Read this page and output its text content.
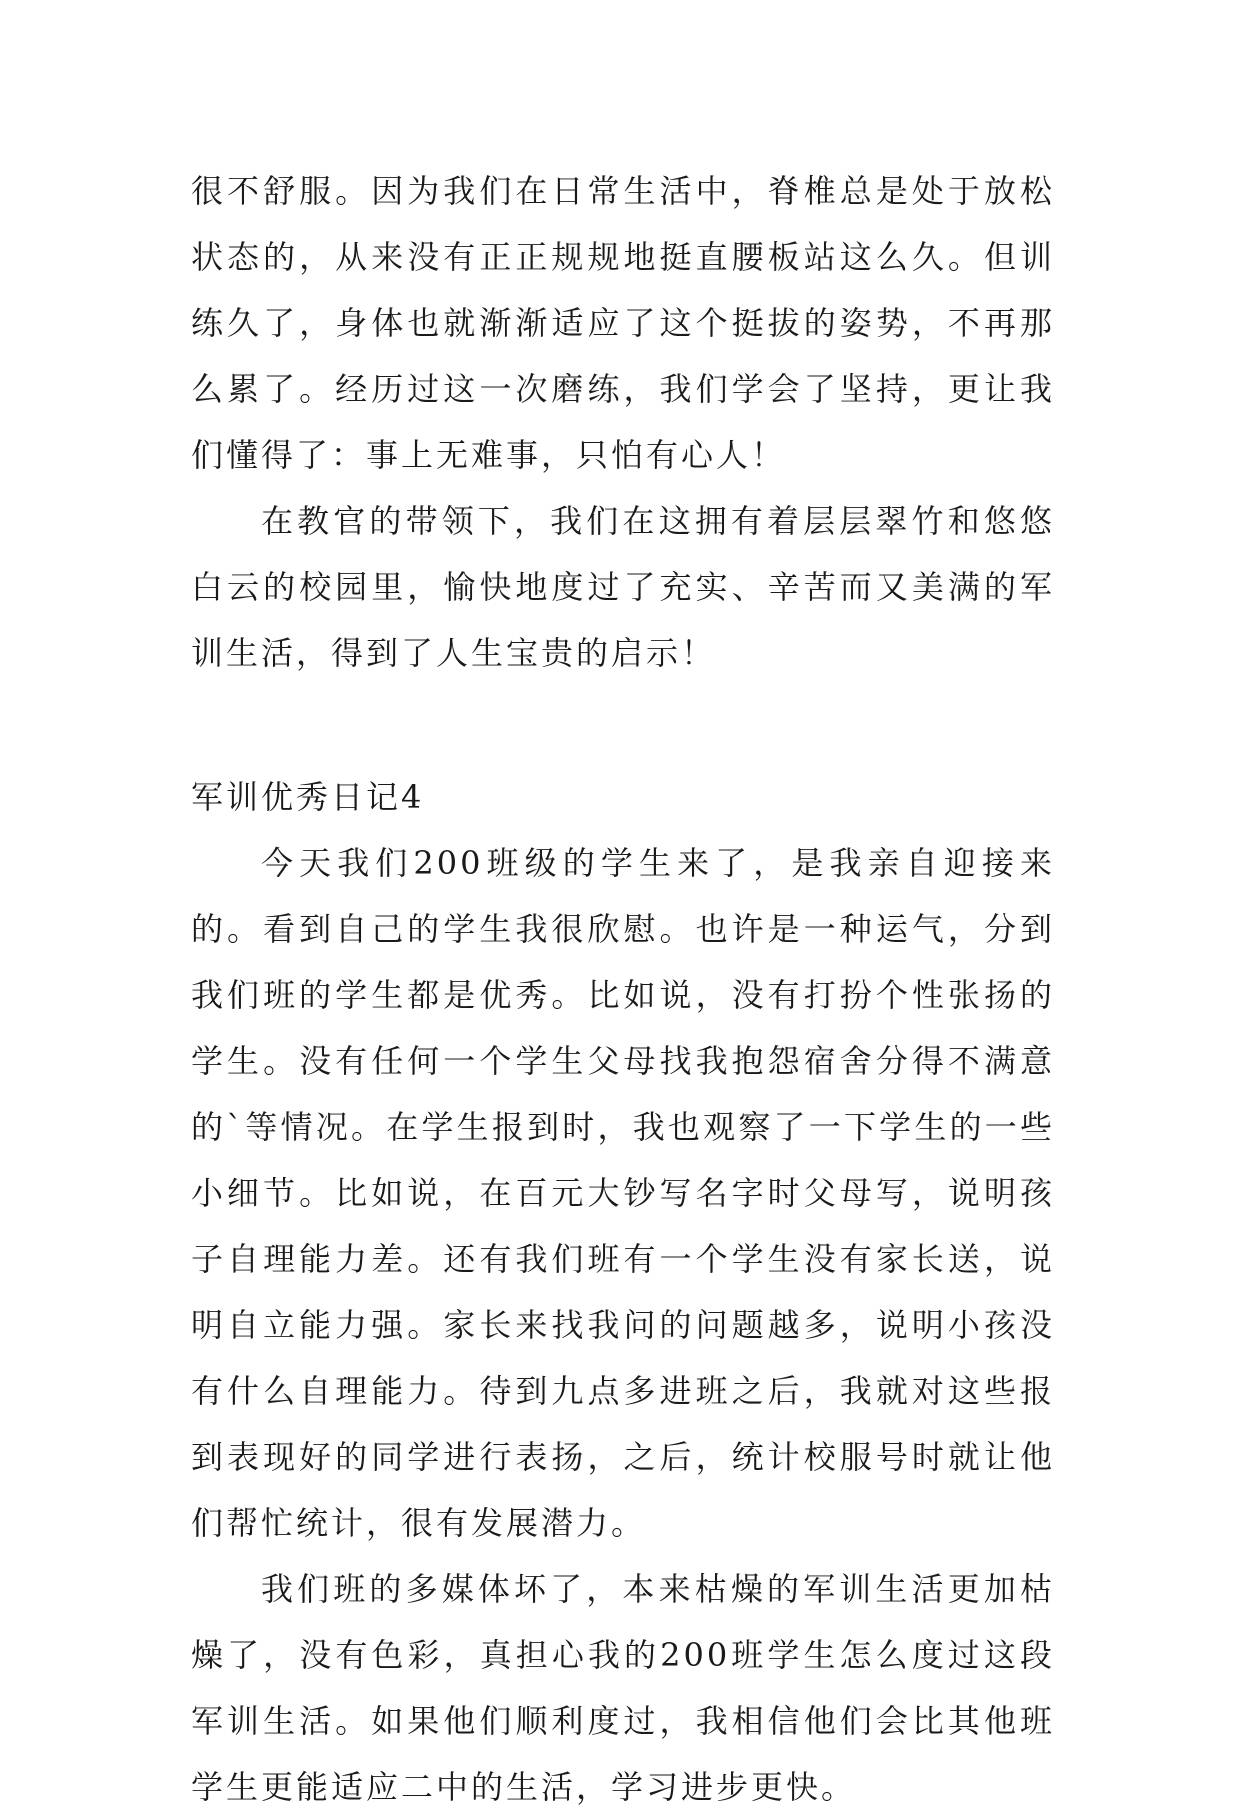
很不舒服。因为我们在日常生活中，脊椎总是处于放松状态的，从来没有正正规规地挺直腰板站这么久。但训练久了，身体也就渐渐适应了这个挺拔的姿势，不再那么累了。经历过这一次磨练，我们学会了坚持，更让我们懂得了：事上无难事，只怕有心人！

在教官的带领下，我们在这拥有着层层翠竹和悠悠白云的校园里，愉快地度过了充实、辛苦而又美满的军训生活，得到了人生宝贵的启示！

军训优秀日记4

今天我们200班级的学生来了，是我亲自迎接来的。看到自己的学生我很欣慰。也许是一种运气，分到我们班的学生都是优秀。比如说，没有打扮个性张扬的学生。没有任何一个学生父母找我抱怨宿舍分得不满意的`等情况。在学生报到时，我也观察了一下学生的一些小细节。比如说，在百元大钞写名字时父母写，说明孩子自理能力差。还有我们班有一个学生没有家长送，说明自立能力强。家长来找我问的问题越多，说明小孩没有什么自理能力。待到九点多进班之后，我就对这些报到表现好的同学进行表扬，之后，统计校服号时就让他们帮忙统计，很有发展潜力。

我们班的多媒体坏了，本来枯燥的军训生活更加枯燥了，没有色彩，真担心我的200班学生怎么度过这段军训生活。如果他们顺利度过，我相信他们会比其他班学生更能适应二中的生活，学习进步更快。
